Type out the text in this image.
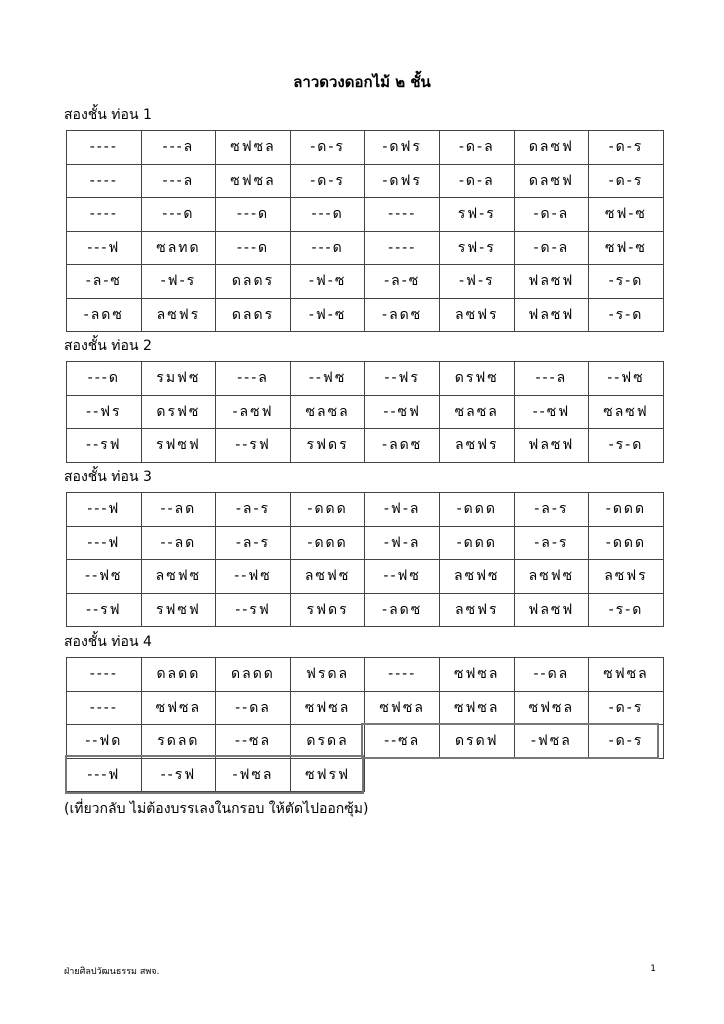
ลาวดวงดอกไม้ ๒ ชั้น
สองชั้น ท่อน 1
----	---ล	ซฟซล	-ด-ร	-ดฟร	-ด-ล	ดลซฟ	-ด-ร
----	---ล	ซฟซล	-ด-ร	-ดฟร	-ด-ล	ดลซฟ	-ด-ร
----	---ด	---ด	---ด	----	รฟ-ร	-ด-ล	ซฟ-ซ
---ฟ	ซลทด	---ด	---ด	----	รฟ-ร	-ด-ล	ซฟ-ซ
-ล-ซ	-ฟ-ร	ดลดร	-ฟ-ซ	-ล-ซ	-ฟ-ร	ฟลซฟ	-ร-ด
-ลดซ	ลซฟร	ดลดร	-ฟ-ซ	-ลดซ	ลซฟร	ฟลซฟ	-ร-ด
สองชั้น ท่อน 2
---ด	รมฟซ	---ล	--ฟซ	--ฟร	ดรฟซ	---ล	--ฟซ
--ฟร	ดรฟซ	-ลซฟ	ซลซล	--ซฟ	ซลซล	--ซฟ	ซลซฟ
--รฟ	รฟซฟ	--รฟ	รฟดร	-ลดซ	ลซฟร	ฟลซฟ	-ร-ด
สองชั้น ท่อน 3
---ฟ	--ลด	-ล-ร	-ดดด	-ฟ-ล	-ดดด	-ล-ร	-ดดด
---ฟ	--ลด	-ล-ร	-ดดด	-ฟ-ล	-ดดด	-ล-ร	-ดดด
--ฟซ	ลซฟซ	--ฟซ	ลซฟซ	--ฟซ	ลซฟซ	ลซฟซ	ลซฟร
--รฟ	รฟซฟ	--รฟ	รฟดร	-ลดซ	ลซฟร	ฟลซฟ	-ร-ด
สองชั้น ท่อน 4
----	ดลดด	ดลดด	ฟรดล	----	ซฟซล	--ดล	ซฟซล
----	ซฟซล	--ดล	ซฟซล	ซฟซล	ซฟซล	ซฟซล	-ด-ร
--ฟด	รดลด	--ซล	ดรดล	--ซล	ดรดฟ	-ฟซล	-ด-ร
---ฟ	--รฟ	-ฟซล	ซฟรฟ				
(เที่ยวกลับ ไม่ต้องบรรเลงในกรอบ ให้ตัดไปออกซุ้ม)
ฝ่ายศิลปวัฒนธรรม สพจ.	1
